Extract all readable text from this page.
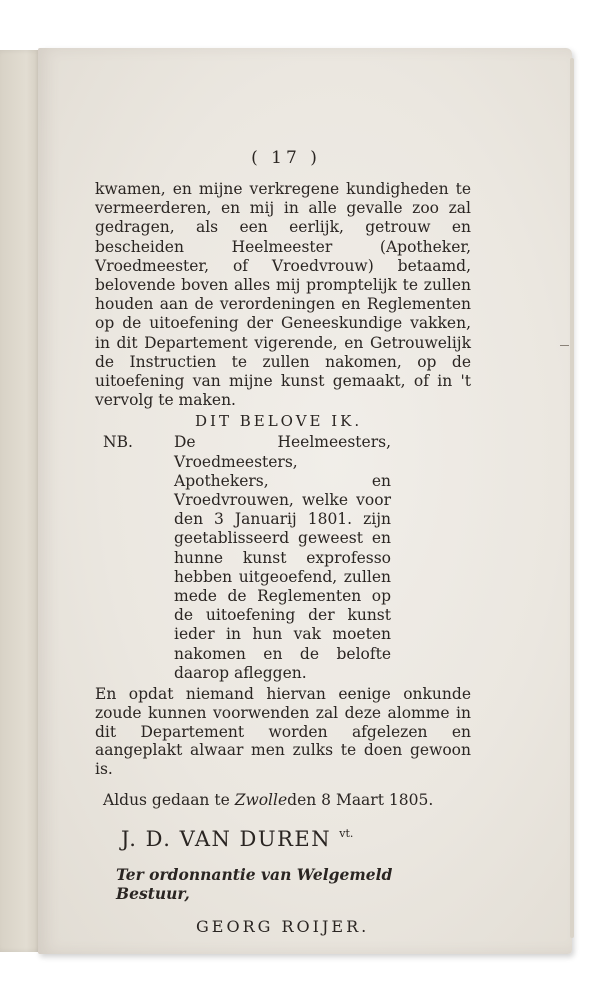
( 17 )

kwamen, en mijne verkregene kundigheden te vermeerderen, en mij in alle gevalle zoo zal gedragen, als een eerlijk, getrouw en bescheiden Heelmeester (Apotheker, Vroedmeester, of Vroedvrouw) betaamd, belovende boven alles mij promptelijk te zullen houden aan de verordeningen en Reglementen op de uitoefening der Geneeskundige vakken, in dit Departement vigerende, en Getrouwelijk de Instructien te zullen nakomen, op de uitoefening van mijne kunst gemaakt, of in 't vervolg te maken.

DIT BELOVE IK.
NB.	De Heelmeesters, Vroedmeesters, Apothekers, en Vroedvrouwen, welke voor den 3 Januarij 1801. zijn geetablisseerd geweest en hunne kunst exprofesso hebben uitgeoefend, zullen mede de Reglementen op de uitoefening der kunst ieder in hun vak moeten nakomen en de belofte daarop afleggen.

En opdat niemand hiervan eenige onkunde zoude kunnen voorwenden zal deze alomme in dit Departement worden afgelezen en aangeplakt alwaar men zulks te doen gewoon is.

Aldus gedaan te Zwolleden 8 Maart 1805.
J. D. VAN DUREN $^{vt.}$
Ter ordonnantie van Welgemeld Bestuur,
GEORG ROIJER.
